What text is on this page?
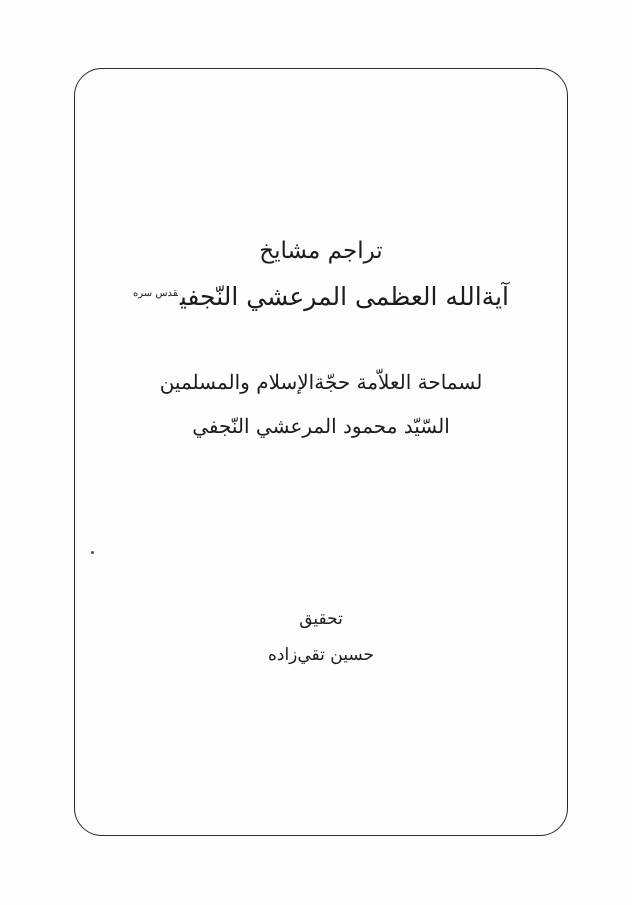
تراجم مشايخ
آيةالله العظمى المرعشي النّجفي$^{قدس سره}$
لسماحة العلاّمة حجّةالإسلام والمسلمين
السّيّد محمود المرعشي النّجفي
تحقيق
حسين تقي‌زاده
